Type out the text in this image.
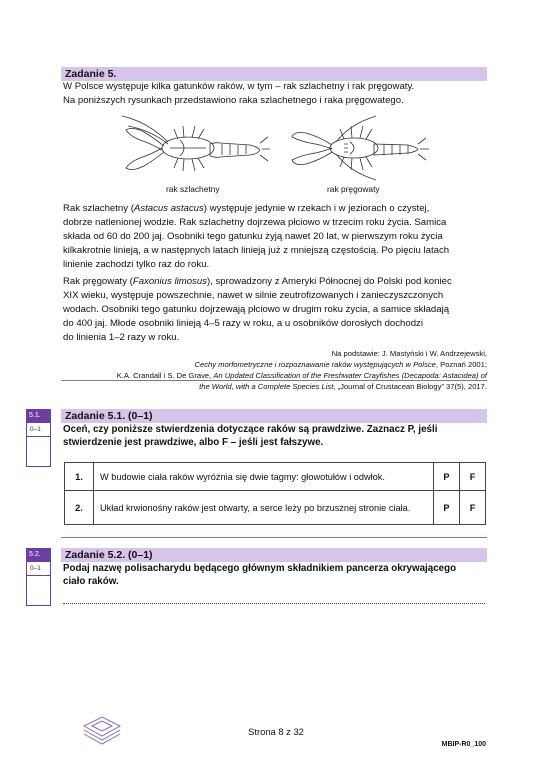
Zadanie 5.
W Polsce występuje kilka gatunków raków, w tym – rak szlachetny i rak pręgowaty.
Na poniższych rysunkach przedstawiono raka szlachetnego i raka pręgowatego.
rak szlachetny	rak pręgowaty
Rak szlachetny (Astacus astacus) występuje jedynie w rzekach i w jeziorach o czystej,
dobrze natlenionej wodzie. Rak szlachetny dojrzewa płciowo w trzecim roku życia. Samica
składa od 60 do 200 jaj. Osobniki tego gatunku żyją nawet 20 lat, w pierwszym roku życia
kilkakrotnie linieją, a w następnych latach linieją już z mniejszą częstością. Po pięciu latach
linienie zachodzi tylko raz do roku.
Rak pręgowaty (Faxonius limosus), sprowadzony z Ameryki Północnej do Polski pod koniec
XIX wieku, występuje powszechnie, nawet w silnie zeutrofizowanych i zanieczyszczonych
wodach. Osobniki tego gatunku dojrzewają płciowo w drugim roku życia, a samice składają
do 400 jaj. Młode osobniki linieją 4–5 razy w roku, a u osobników dorosłych dochodzi
do linienia 1–2 razy w roku.
Na podstawie: J. Mastyński i W. Andrzejewski,
Cechy morfometryczne i rozpoznawanie raków występujących w Polsce, Poznań 2001;
K.A. Crandall i S. De Grave, An Updated Classification of the Freshwater Crayfishes (Decapoda: Astacidea) of
the World, with a Complete Species List, „Journal of Crustacean Biology” 37(5), 2017.
5.1.
0–1
Zadanie 5.1. (0–1)
Oceń, czy poniższe stwierdzenia dotyczące raków są prawdziwe. Zaznacz P, jeśli
stwierdzenie jest prawdziwe, albo F – jeśli jest fałszywe.
1.	W budowie ciała raków wyróżnia się dwie tagmy: głowotułów i odwłok.	P	F
2.	Układ krwionośny raków jest otwarty, a serce leży po brzusznej stronie ciała.	P	F
5.2.
0–1
Zadanie 5.2. (0–1)
Podaj nazwę polisacharydu będącego głównym składnikiem pancerza okrywającego
ciało raków.
Strona 8 z 32
MBIP-R0_100
